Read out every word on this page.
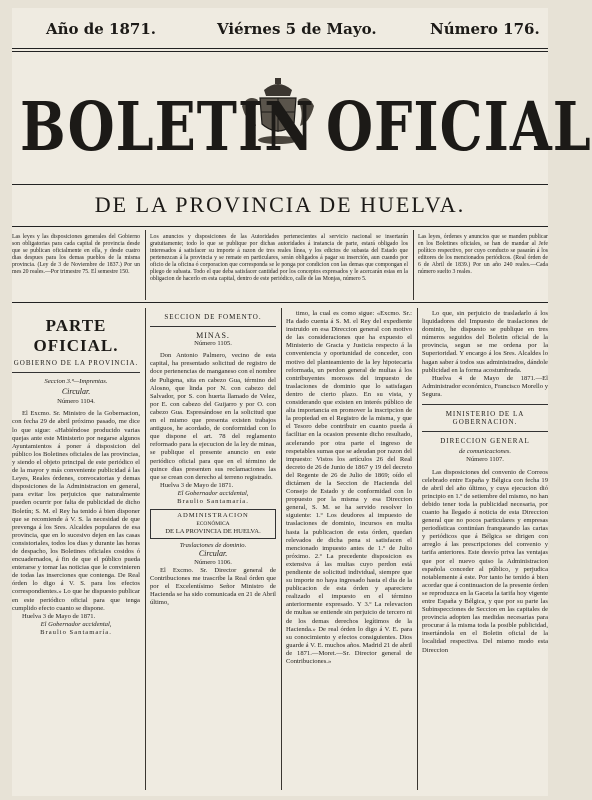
Año de 1871.	Viérnes 5 de Mayo.	Número 176.
BOLETIN OFICIAL
DE LA PROVINCIA DE HUELVA.
Las leyes y las disposiciones generales del Gobierno son obligatorias para cada capital de provincia desde que se publican oficialmente en ella, y desde cuatro dias despues para los demas pueblos de la misma provincia. (Ley de 3 de Noviembre de 1837.) Por un mes 20 reales.—Por trimestre 75. El semestre 150.
Los anuncios y disposiciones de las Autoridades pertenecientes al servicio nacional se insertarán gratuitamente; todo lo que se publique por dichas autoridades á instancia de parte, estará obligado los interesados á satisfacer su importe á razon de tres reales línea, y los edictos de subasta del Estado que pertenezcan á la provincia y se remate en particulares, serán obligados á pagar su inserción, aun cuando por oficio de la oficina ó corporacion que corresponda se le ponga por condicion con las demas que compongan el pliego de subasta. Todo el que deba satisfacer cantidad por los conceptos expresados y le acercarán estas en la obligacion de hacerlo en esta capital, dentro de este periódico, calle de las Monjas, número 5.
Las leyes, órdenes y anuncios que se manden publicar en los Boletines oficiales, se han de mandar al Jefe político respectivo, por cuyo conducto se pasarán á los editores de los mencionados periódicos. (Real órden de 6 de Abril de 1839.) Por un año 240 reales.—Cada número suelto 3 reales.
PARTE OFICIAL.
GOBIERNO DE LA PROVINCIA.
Seccion 3.ª—Imprentas.
Circular.
Número 1104.

El Excmo. Sr. Ministro de la Gobernacion, con fecha 29 de abril próximo pasado, me dice lo que sigue: «Habiéndose producido varias quejas ante este Ministerio por negarse algunos Ayuntamientos á poner á disposicion del público los Boletines oficiales de las provincias, y siendo el objeto principal de este periódico el de la mayor y más conveniente publicidad á las Leyes, Reales órdenes, convocatorias y demas disposiciones de la Administracion en general, para evitar los perjuicios que naturalmente pueden ocurrir por falta de publicidad de dicho Boletín; S. M. el Rey ha tenido á bien disponer que se recomiende á V. S. la necesidad de que prevenga á los Sres. Alcaldes populares de esa provincia, que en lo sucesivo dejen en las casas consistoriales, todos los dias y durante las horas de despacho, los Boletines oficiales cosidos ó encuadernados, á fin de que el público pueda enterarse y tomar las noticias que le convinieren de todas las inserciones que contenga. De Real órden lo digo á V. S. para los efectos correspondientes.» Lo que he dispuesto publicar en este periódico oficial para que tenga cumplido efecto cuanto se dispone.

Huelva 3 de Mayo de 1871.

El Gobernador accidental,
Braulio Santamaría.
SECCION DE FOMENTO.
MINAS.
Número 1105.

Don Antonio Palmero, vecino de esta capital, ha presentado solicitud de registro de doce pertenencias de manganeso con el nombre de Puligena, sita en cabezo Gua, término del Alosno, que linda por N. con cabezo del Salvador, por S. con huerta llamado de Velez, por E. con cabezo del Guijarro y por O. con cabezo Gua. Espresándose en la solicitud que en el mismo que presenta existen trabajos antiguos, he acordado, de conformidad con lo que dispone el art. 78 del reglamento reformado para la ejecucion de la ley de minas, se publique el presente anuncio en este periódico oficial para que en el término de quince dias presenten sus reclamaciones las que se crean con derecho al terreno registrado.

Huelva 3 de Mayo de 1871.

El Gobernador accidental,
Braulio Santamaría.
ADMINISTRACION
ECONÓMICA
DE LA PROVINCIA DE HUELVA.
Traslaciones de dominio.
Circular.
Número 1106.

El Excmo. Sr. Director general de Contribuciones me trascribe la Real órden que por el Excelentísimo Señor Ministro de Hacienda se ha sido comunicada en 21 de Abril último,

timo, la cual es como sigue: «Excmo. Sr.: Ha dado cuenta á S. M. el Rey del expediente instruido en esa Direccion general con motivo de las consideraciones que ha expuesto el Ministerio de Gracia y Justicia respecto á la conveniencia y oportunidad de conceder, con motivo del planteamiento de la ley hipotecaria reformada, un perdon general de multas á los contribuyentes morosos del impuesto de traslaciones de dominio que lo satisfagan dentro de cierto plazo. En su vista, y considerando que existen en interés público de alta importancia en promover la inscripcion de la propiedad en el Registro de la misma, y que el Tesoro debe contribuir en cuanto pueda á facilitar en la ocasion presente dicho resultado, acelerando por otra parte el ingreso de respetables sumas que se adeudan por razon del impuesto: Vistos los artículos 26 del Real decreto de 26 de Junio de 1867 y 19 del decreto del Regente de 26 de Julio de 1869; oído el dictámen de la Seccion de Hacienda del Consejo de Estado y de conformidad con lo propuesto por la misma y esa Direccion general, S. M. se ha servido resolver lo siguiente: 1.º Los deudores al impuesto de traslaciones de dominio, incursos en multa hasta la publicacion de esta órden, quedan relevados de dicha pena si satisfacen el mencionado impuesto antes de 1.º de Julio próximo. 2.º La precedente disposicion es extensiva á las multas cuyo perdon está pendiente de solicitud individual, siempre que su importe no haya ingresado hasta el dia de la publicacion de esta órden y apareciere realizado el impuesto en el término anteriormente expresado. Y 3.º La relevacion de multas se entiende sin perjuicio de tercero ni de los demas derechos legítimos de la Hacienda.» De real órden lo digo á V. E. para su conocimiento y efectos consiguientes. Dios guarde á V. E. muchos años. Madrid 21 de abril de 1871.—Moret.—Sr. Director general de Contribuciones.»

Lo que, sin perjuicio de trasladarlo á los liquidadores del Impuesto de traslaciones de dominio, he dispuesto se publique en tres números seguidos del Boletin oficial de la provincia, segun se me ordena por la Superioridad. Y encargo á los Sres. Alcaldes lo hagan saber á todos sus administrados, dándole publicidad en la forma acostumbrada.

Huelva 4 de Mayo de 1871.—El Administrador económico, Francisco Morello y Segura.

MINISTERIO DE LA GOBERNACION.
DIRECCION GENERAL
de comunicaciones.
Número 1107.

Las disposiciones del convenio de Correos celebrado entre España y Bélgica con fecha 19 de abril del año último, y cuya ejecucion dió principio en 1.º de setiembre del mismo, no han debido tener toda la publicidad necesaria, por cuanto ha llegado á noticia de esta Direccion general que no pocos particulares y empresas periodísticas continúan franqueando las cartas y periódicos que á Bélgica se dirigen con arreglo á las prescripciones del convenio y tarifa anteriores. Este desvío priva las ventajas que por el nuevo quiso la Administracion española conceder al público, y perjudica notablemente á este. Por tanto he tenido á bien acordar que á continuacion de la presente órden se reproduzca en la Gaceta la tarifa hoy vigente entre España y Bélgica, y que por su parte las Subinspecciones de Seccion en las capitales de provincia adopten las medidas necesarias para procurar á la misma toda la posible publicidad, insertándola en el Boletin oficial de la localidad respectiva. Del mismo modo esta Direccion
